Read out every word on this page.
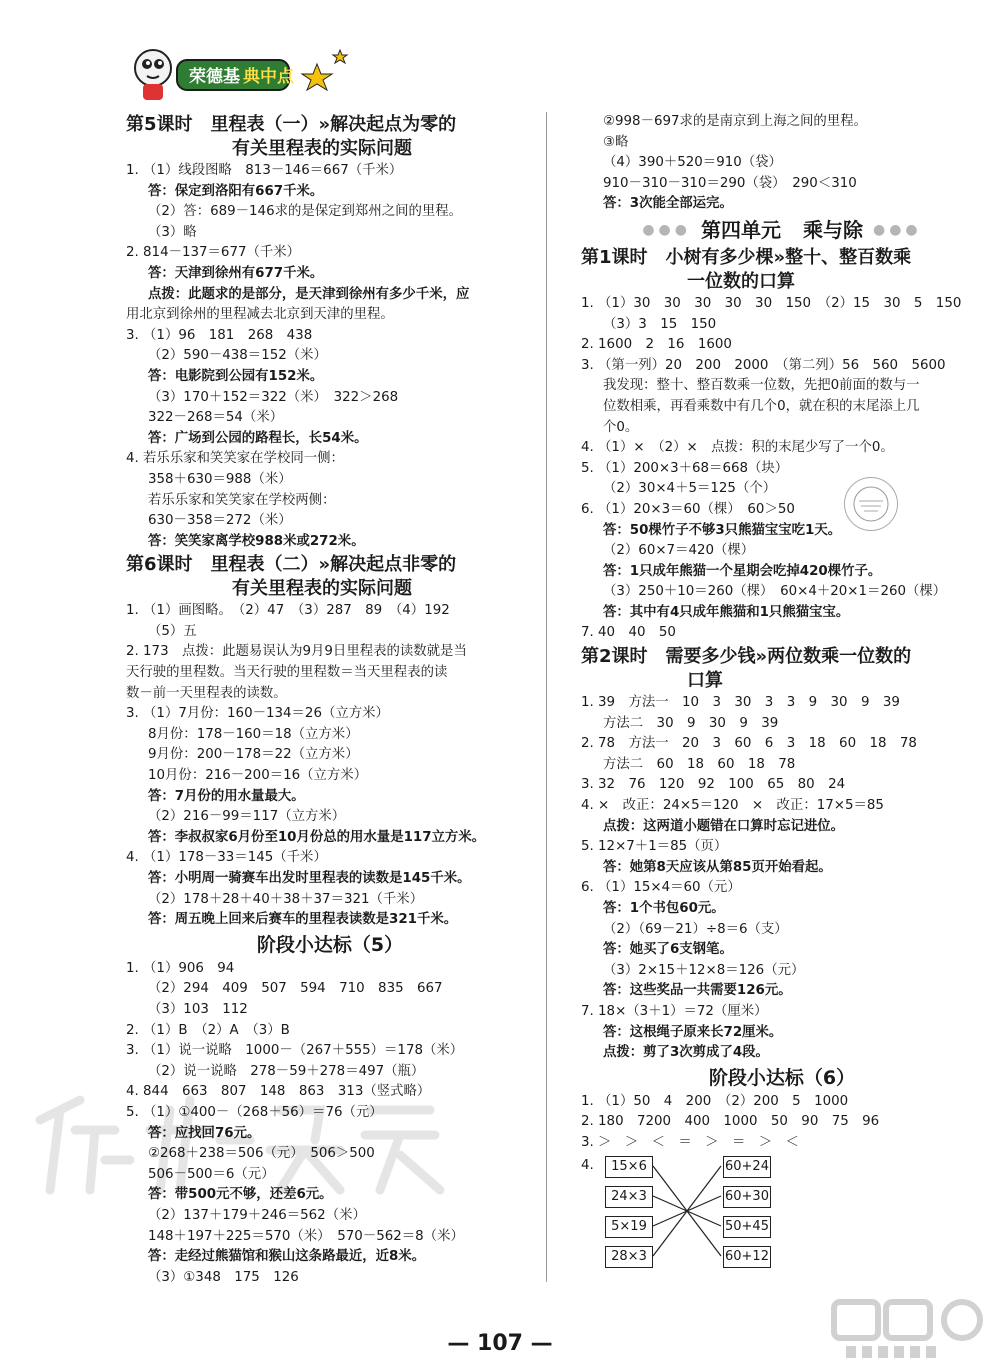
荣德基 典中点
第5课时 里程表（一） »解决起点为零的
有关里程表的实际问题
1. （1）线段图略　813－146＝667（千米）
答：保定到洛阳有667千米。
（2）答：689－146求的是保定到郑州之间的里程。
（3）略
2. 814－137＝677（千米）
答：天津到徐州有677千米。
点拨：此题求的是部分，是天津到徐州有多少千米，应
用北京到徐州的里程减去北京到天津的里程。
3. （1）96　181　268　438
（2）590－438＝152（米）
答：电影院到公园有152米。
（3）170＋152＝322（米）　322＞268
322－268＝54（米）
答：广场到公园的路程长，长54米。
4. 若乐乐家和笑笑家在学校同一侧：
358＋630＝988（米）
若乐乐家和笑笑家在学校两侧：
630－358＝272（米）
答：笑笑家离学校988米或272米。
第6课时 里程表（二） »解决起点非零的
有关里程表的实际问题
1. （1）画图略。　（2）47　（3）287　89　（4）192
（5）五
2. 173　点拨：此题易误认为9月9日里程表的读数就是当
天行驶的里程数。当天行驶的里程数＝当天里程表的读
数－前一天里程表的读数。
3. （1）7月份：160－134＝26（立方米）
8月份：178－160＝18（立方米）
9月份：200－178＝22（立方米）
10月份：216－200＝16（立方米）
答：7月份的用水量最大。
（2）216－99＝117（立方米）
答：李叔叔家6月份至10月份总的用水量是117立方米。
4. （1）178－33＝145（千米）
答：小明周一骑赛车出发时里程表的读数是145千米。
（2）178＋28＋40＋38＋37＝321（千米）
答：周五晚上回来后赛车的里程表读数是321千米。
阶段小达标（5）
1. （1）906　94
（2）294　409　507　594　710　835　667
（3）103　112
2. （1）B　（2）A　（3）B
3. （1）说一说略　1000－（267＋555）＝178（米）
（2）说一说略　278－59＋278＝497（瓶）
4. 844　663　807　148　863　313（竖式略）
5. （1）①400－（268＋56）＝76（元）
答：应找回76元。
②268＋238＝506（元）　506＞500
506－500＝6（元）
答：带500元不够，还差6元。
（2）137＋179＋246＝562（米）
148＋197＋225＝570（米）　570－562＝8（米）
答：走经过熊猫馆和猴山这条路最近，近8米。
（3）①348　175　126
②998－697求的是南京到上海之间的里程。
③略
（4）390＋520＝910（袋）
910－310－310＝290（袋）　290＜310
答：3次能全部运完。
●●● 第四单元 乘与除 ●●●
第1课时 小树有多少棵 »整十、整百数乘
一位数的口算
1. （1）30　30　30　30　30　150　（2）15　30　5　150
（3）3　15　150
2. 1600　2　16　1600
3. （第一列）20　200　2000　（第二列）56　560　5600
我发现：整十、整百数乘一位数，先把0前面的数与一
位数相乘，再看乘数中有几个0，就在积的末尾添上几
个0。
4. （1）×　（2）×　点拨：积的末尾少写了一个0。
5. （1）200×3＋68＝668（块）
（2）30×4＋5＝125（个）
6. （1）20×3＝60（棵）　60＞50
答：50棵竹子不够3只熊猫宝宝吃1天。
（2）60×7＝420（棵）
答：1只成年熊猫一个星期会吃掉420棵竹子。
（3）250＋10＝260（棵）　60×4＋20×1＝260（棵）
答：其中有4只成年熊猫和1只熊猫宝宝。
7. 40　40　50
第2课时 需要多少钱 »两位数乘一位数的
口算
1. 39　方法一　10　3　30　3　3　9　30　9　39
方法二　30　9　30　9　39
2. 78　方法一　20　3　60　6　3　18　60　18　78
方法二　60　18　60　18　78
3. 32　76　120　92　100　65　80　24
4. ×　改正：24×5＝120　×　改正：17×5＝85
点拨：这两道小题错在口算时忘记进位。
5. 12×7＋1＝85（页）
答：她第8天应该从第85页开始看起。
6. （1）15×4＝60（元）
答：1个书包60元。
（2）（69－21）÷8＝6（支）
答：她买了6支钢笔。
（3）2×15＋12×8＝126（元）
答：这些奖品一共需要126元。
7. 18×（3＋1）＝72（厘米）
答：这根绳子原来长72厘米。
点拨：剪了3次剪成了4段。
阶段小达标（6）
1. （1）50　4　200　（2）200　5　1000
2. 180　7200　400　1000　50　90　75　96
3. ＞　＞　＜　＝　＞　＝　＞　＜
4.	15×6
24×3
5×19
28×3
60+24
60+30
50+45
60+12
— 107 —
